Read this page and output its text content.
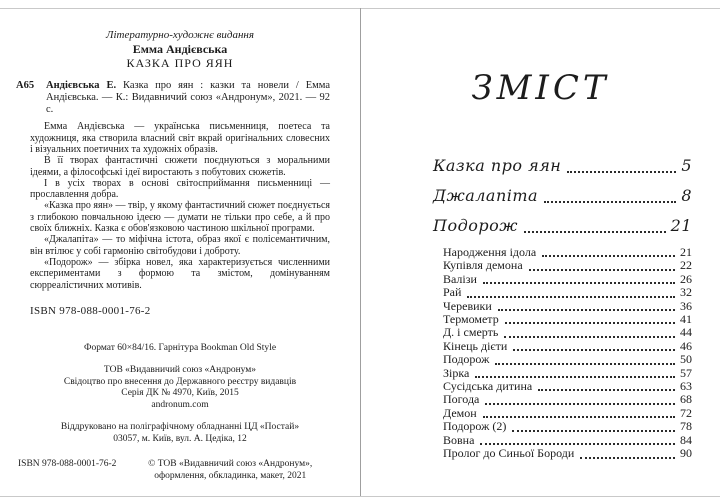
Літературно-художнє видання
Емма Андієвська
КАЗКА ПРО ЯЯН
А65	Андієвська Е. Казка про яян : казки та новели / Емма Андієвська. — К.: Видавничий союз «Андронум», 2021. — 92 с.

Емма Андієвська — українська письменниця, поетеса та художниця, яка створила власний світ вкрай оригінальних словесних і візуальних поетичних та художніх образів.

В її творах фантастичні сюжети поєднуються з моральними ідеями, а філософські ідеї виростають з побутових сюжетів.

І в усіх творах в основі світосприймання письменниці — прославлення добра.

«Казка про яян» — твір, у якому фантастичний сюжет поєднується з глибокою повчальною ідеєю — думати не тільки про себе, а й про своїх ближніх. Казка є обов'язковою частиною шкільної програми.

«Джалапіта» — то міфічна істота, образ якої є полісемантичним, він втілює у собі гармонію світобудови і доброту.

«Подорож» — збірка новел, яка характеризується численними експериментами з формою та змістом, домінуванням сюрреалістичних мотивів.

ISBN 978-088-0001-76-2
Формат 60×84/16. Гарнітура Bookman Old Style
ТОВ «Видавничий союз «Андронум»
Свідоцтво про внесення до Державного реєстру видавців
Серія ДК № 4970, Київ, 2015
andronum.com
Віддруковано на поліграфічному обладнанні ЦД «Постай»
03057, м. Київ, вул. А. Цедіка, 12
ISBN 978-088-0001-76-2	© ТОВ «Видавничий союз «Андронум»,
оформлення, обкладинка, макет, 2021
ЗМІСТ
Казка про яян	5
Джалапіта	8
Подорож	21
Народження ідола	21
Купівля демона	22
Валізи	26
Рай	32
Черевики	36
Термометр	41
Д. і смерть	44
Кінець дієти	46
Подорож	50
Зірка	57
Сусідська дитина	63
Погода	68
Демон	72
Подорож (2)	78
Вовна	84
Пролог до Синьої Бороди	90
